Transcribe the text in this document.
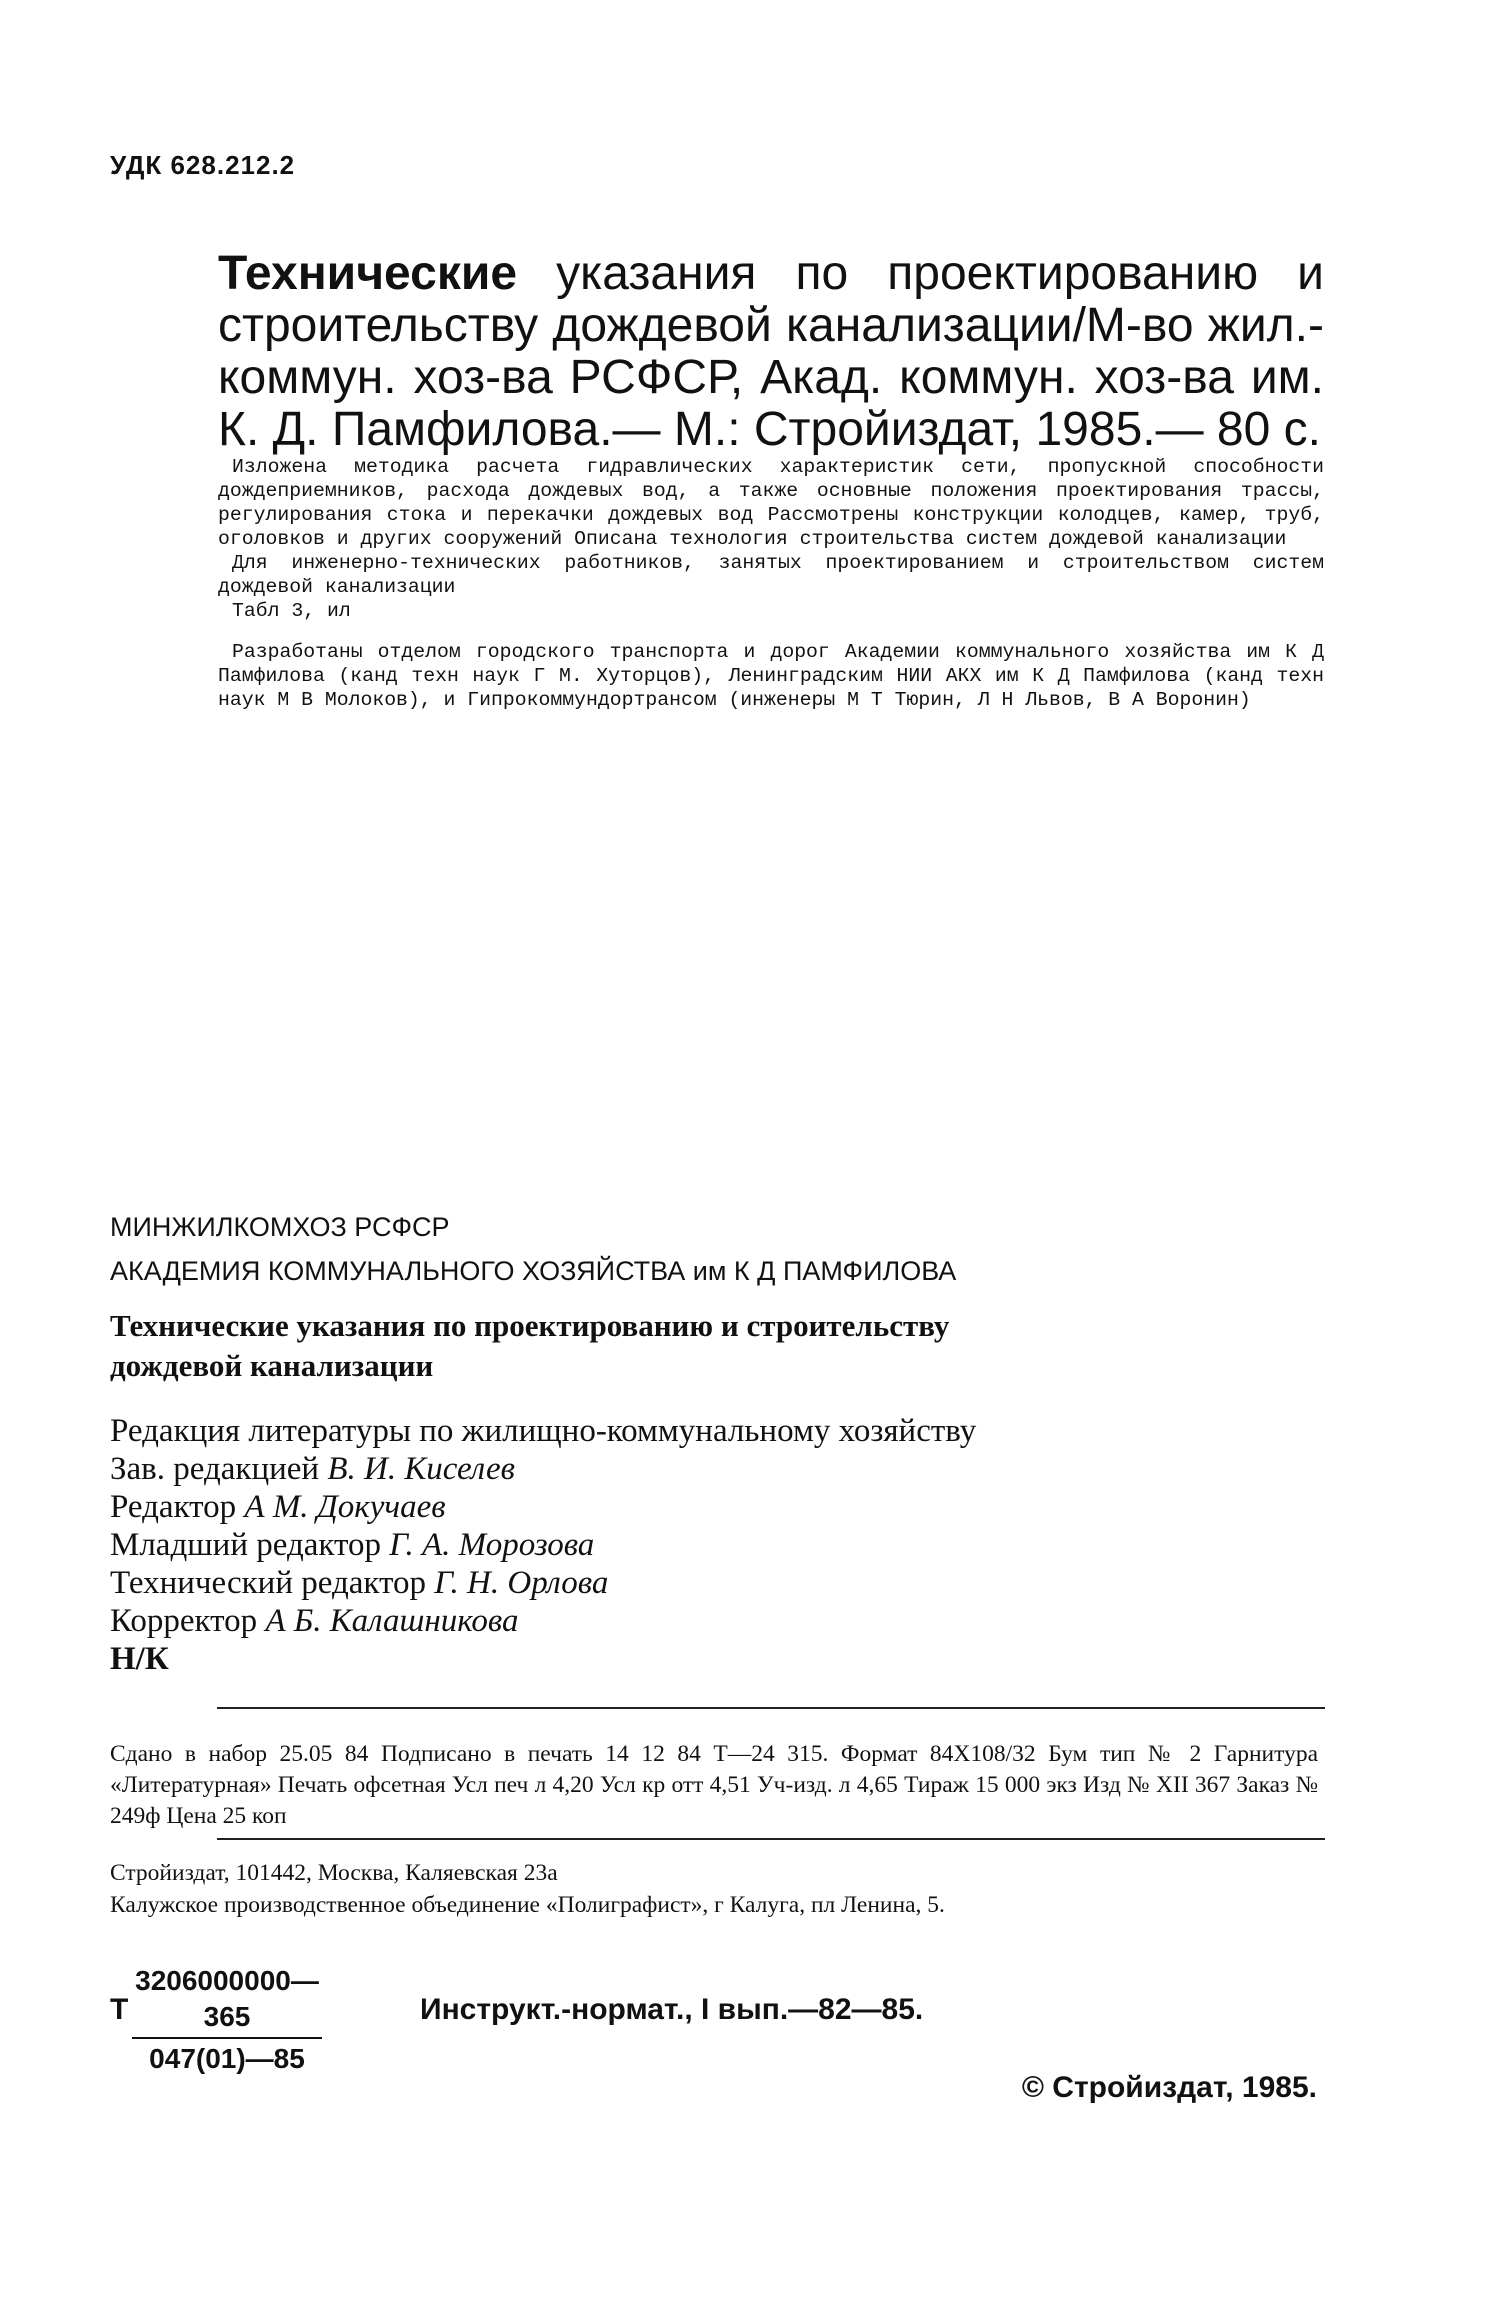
УДК 628.212.2
Технические указания по проектированию и строительству дождевой канализации/М-во жил.-коммун. хоз-ва РСФСР, Акад. коммун. хоз-ва им. К. Д. Памфилова.— М.: Стройиздат, 1985.— 80 с.

Изложена методика расчета гидравлических характеристик сети, пропускной способности дождеприемников, расхода дождевых вод, а также основные положения проектирования трассы, регулирования стока и перекачки дождевых вод Рассмотрены конструкции колодцев, камер, труб, оголовков и других сооружений Описана технология строительства систем дождевой канализации

Для инженерно-технических работников, занятых проектированием и строительством систем дождевой канализации

Табл 3, ил

Разработаны отделом городского транспорта и дорог Академии коммунального хозяйства им К Д Памфилова (канд техн наук Г М. Хуторцов), Ленинградским НИИ АКХ им К Д Памфилова (канд техн наук М В Молоков), и Гипрокоммундортрансом (инженеры М Т Тюрин, Л Н Львов, В А Воронин)

МИНЖИЛКОМХОЗ РСФСР
АКАДЕМИЯ КОММУНАЛЬНОГО ХОЗЯЙСТВА им К Д ПАМФИЛОВА
Технические указания по проектированию и строительству
дождевой канализации
Редакция литературы по жилищно-коммунальному хозяйству
Зав. редакцией В. И. Киселев
Редактор А М. Докучаев
Младший редактор Г. А. Морозова
Технический редактор Г. Н. Орлова
Корректор А Б. Калашникова
Н/К
Сдано в набор 25.05 84 Подписано в печать 14 12 84 Т—24 315. Формат 84Х108/32 Бум тип № 2 Гарнитура «Литературная» Печать офсетная Усл печ л 4,20 Усл кр отт 4,51 Уч-изд. л 4,65 Тираж 15 000 экз Изд № XII 367 Заказ № 249ф Цена 25 коп
Стройиздат, 101442, Москва, Каляевская 23а
Калужское производственное объединение «Полиграфист», г Калуга, пл Ленина, 5.
Т
3206000000—365
047(01)—85
Инструкт.-нормат., I вып.—82—85.
© Стройиздат, 1985.
